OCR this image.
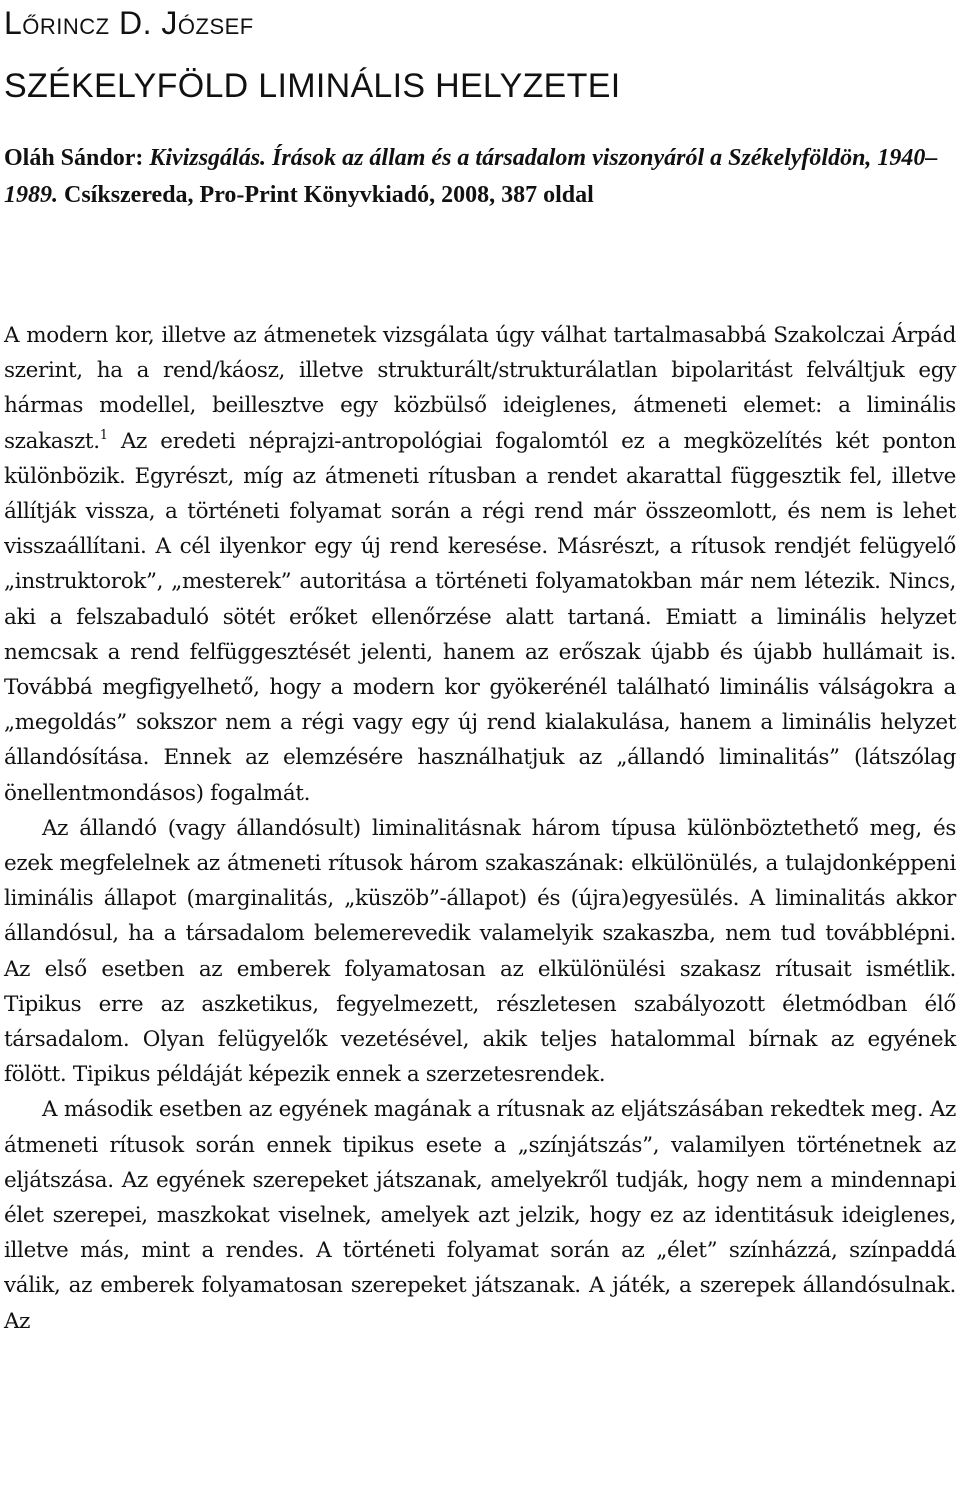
Lőrincz D. József
SZÉKELYFÖLD LIMINÁLIS HELYZETEI

Oláh Sándor: Kivizsgálás. Írások az állam és a társadalom viszonyáról a Székelyföldön, 1940–1989. Csíkszereda, Pro-Print Könyvkiadó, 2008, 387 oldal

A modern kor, illetve az átmenetek vizsgálata úgy válhat tartalmasabbá Szakolczai Árpád szerint, ha a rend/káosz, illetve strukturált/strukturálatlan bipolaritást felváltjuk egy hármas modellel, beillesztve egy közbülső ideiglenes, átmeneti elemet: a liminális szakaszt.$^1$ Az eredeti néprajzi-antropológiai fogalomtól ez a megközelítés két ponton különbözik. Egyrészt, míg az átmeneti rítusban a rendet akarattal függesztik fel, illetve állítják vissza, a történeti folyamat során a régi rend már összeomlott, és nem is lehet visszaállítani. A cél ilyenkor egy új rend keresése. Másrészt, a rítusok rendjét felügyelő „instruktorok”, „mesterek” autoritása a történeti folyamatokban már nem létezik. Nincs, aki a felszabaduló sötét erőket ellenőrzése alatt tartaná. Emiatt a liminális helyzet nemcsak a rend felfüggesztését jelenti, hanem az erőszak újabb és újabb hullámait is. Továbbá megfigyelhető, hogy a modern kor gyökerénél található liminális válságokra a „megoldás” sokszor nem a régi vagy egy új rend kialakulása, hanem a liminális helyzet állandósítása. Ennek az elemzésére használhatjuk az „állandó liminalitás” (látszólag önellentmondásos) fogalmát.

Az állandó (vagy állandósult) liminalitásnak három típusa különböztethető meg, és ezek megfelelnek az átmeneti rítusok három szakaszának: elkülönülés, a tulajdonképpeni liminális állapot (marginalitás, „küszöb”-állapot) és (újra)egyesülés. A liminalitás akkor állandósul, ha a társadalom belemerevedik valamelyik szakaszba, nem tud továbblépni. Az első esetben az emberek folyamatosan az elkülönülési szakasz rítusait ismétlik. Tipikus erre az aszketikus, fegyelmezett, részletesen szabályozott életmódban élő társadalom. Olyan felügyelők vezetésével, akik teljes hatalommal bírnak az egyének fölött. Tipikus példáját képezik ennek a szerzetesrendek.

A második esetben az egyének magának a rítusnak az eljátszásában rekedtek meg. Az átmeneti rítusok során ennek tipikus esete a „színjátszás”, valamilyen történetnek az eljátszása. Az egyének szerepeket játszanak, amelyekről tudják, hogy nem a mindennapi élet szerepei, maszkokat viselnek, amelyek azt jelzik, hogy ez az identitásuk ideiglenes, illetve más, mint a rendes. A történeti folyamat során az „élet” színházzá, színpaddá válik, az emberek folyamatosan szerepeket játszanak. A játék, a szerepek állandósulnak. Az
